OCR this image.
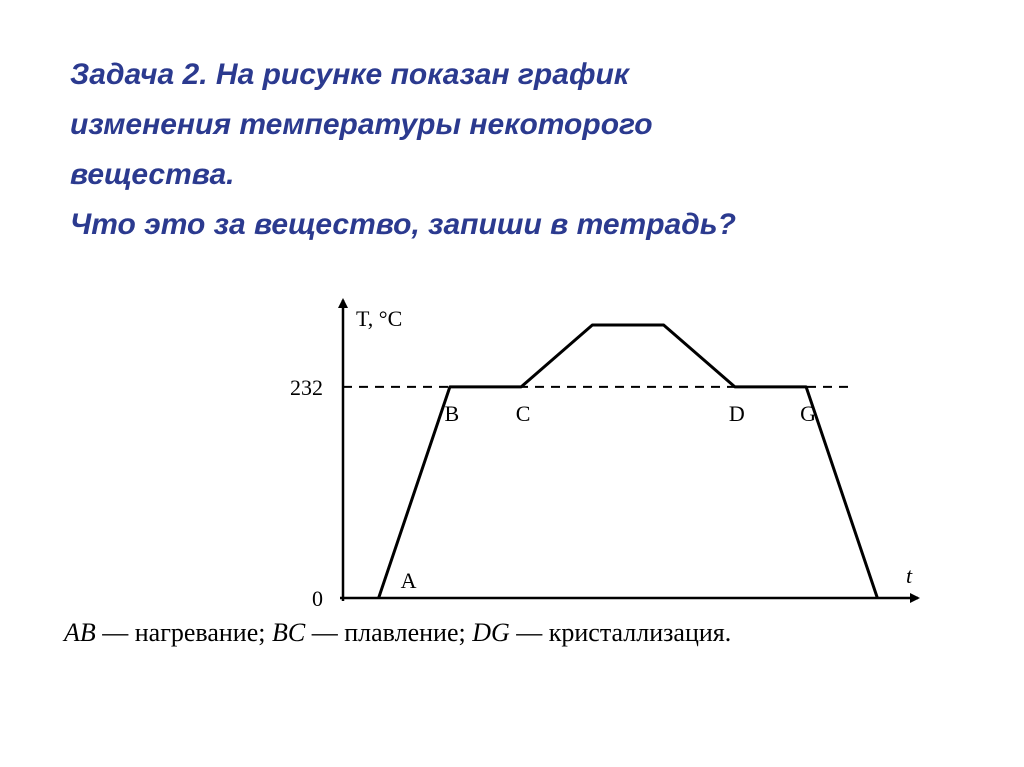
Задача 2. На рисунке показан график
изменения температуры некоторого
вещества.
Что это за вещество, запиши в тетрадь?
T, °C
t
0
232
A
B	C	D	G
AB — нагревание; BC — плавление; DG — кристаллизация.
